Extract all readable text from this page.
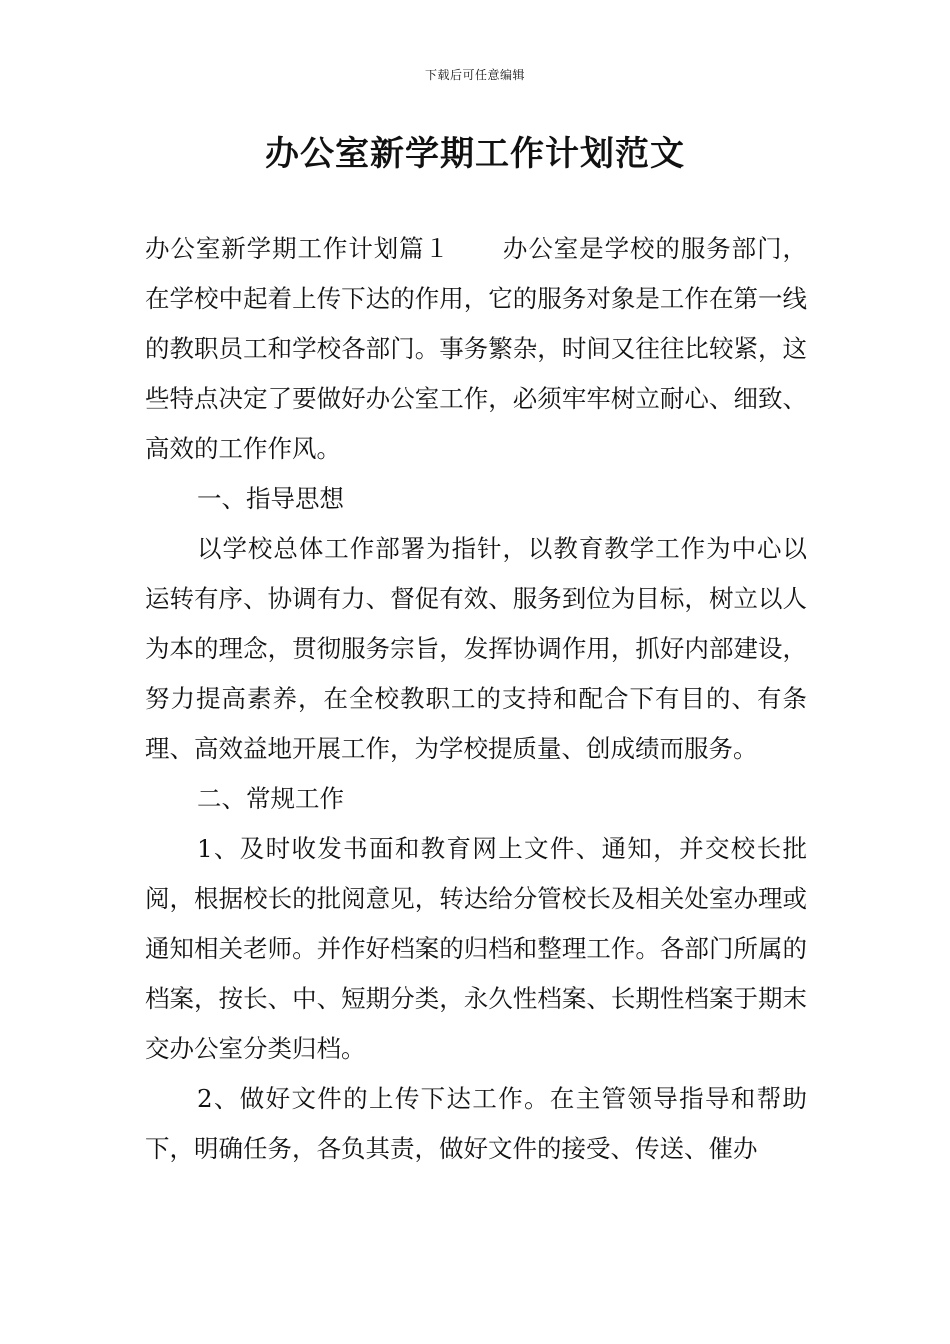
下载后可任意编辑
办公室新学期工作计划范文

办公室新学期工作计划篇１ 办公室是学校的服务部门，在学校中起着上传下达的作用，它的服务对象是工作在第一线的教职员工和学校各部门。事务繁杂，时间又往往比较紧，这些特点决定了要做好办公室工作，必须牢牢树立耐心、细致、高效的工作作风。

一、指导思想

以学校总体工作部署为指针，以教育教学工作为中心以运转有序、协调有力、督促有效、服务到位为目标，树立以人为本的理念，贯彻服务宗旨，发挥协调作用，抓好内部建设，努力提高素养，在全校教职工的支持和配合下有目的、有条理、高效益地开展工作，为学校提质量、创成绩而服务。

二、常规工作

1、及时收发书面和教育网上文件、通知，并交校长批阅，根据校长的批阅意见，转达给分管校长及相关处室办理或通知相关老师。并作好档案的归档和整理工作。各部门所属的档案，按长、中、短期分类，永久性档案、长期性档案于期末交办公室分类归档。

2、做好文件的上传下达工作。在主管领导指导和帮助下，明确任务，各负其责，做好文件的接受、传送、催办
